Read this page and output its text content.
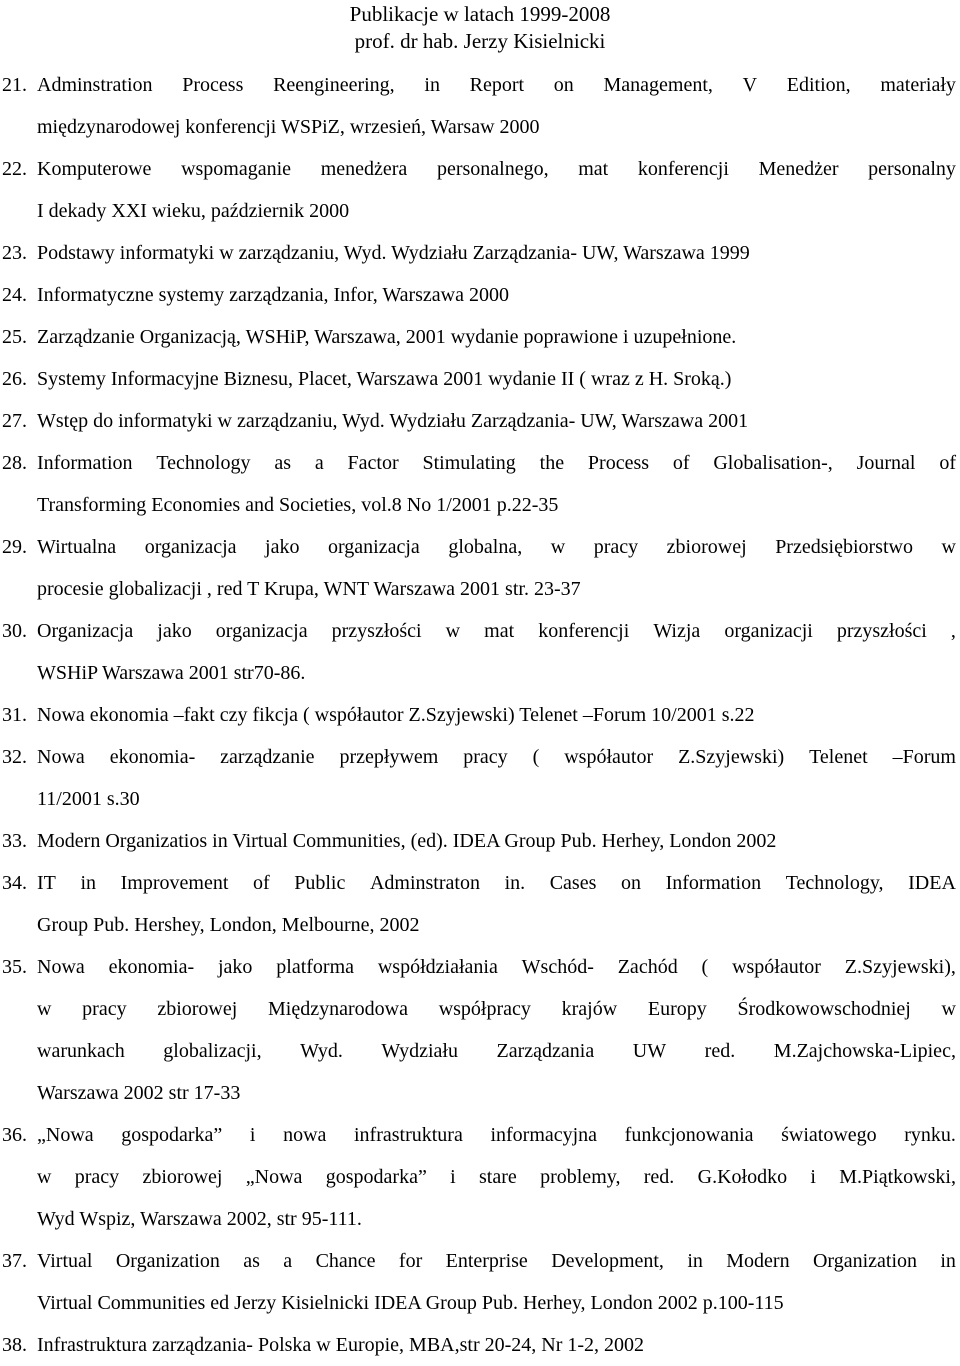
Publikacje w latach 1999-2008
prof. dr hab. Jerzy Kisielnicki
21. Adminstration Process Reengineering, in Report on Management, V Edition, materiały
międzynarodowej konferencji WSPiZ, wrzesień, Warsaw 2000
22. Komputerowe wspomaganie menedżera personalnego, mat konferencji Menedżer personalny
I dekady XXI wieku, październik 2000
23. Podstawy informatyki w zarządzaniu, Wyd. Wydziału Zarządzania- UW, Warszawa 1999
24. Informatyczne systemy zarządzania, Infor, Warszawa 2000
25. Zarządzanie Organizacją, WSHiP, Warszawa, 2001 wydanie poprawione i uzupełnione.
26. Systemy Informacyjne Biznesu, Placet, Warszawa 2001 wydanie II ( wraz z H. Sroką.)
27. Wstęp do informatyki w zarządzaniu, Wyd. Wydziału Zarządzania- UW, Warszawa 2001
28. Information Technology as a Factor Stimulating the Process of Globalisation-, Journal of
Transforming Economies and Societies, vol.8 No 1/2001 p.22-35
29. Wirtualna organizacja jako organizacja globalna, w pracy zbiorowej Przedsiębiorstwo w
procesie globalizacji , red T Krupa, WNT Warszawa 2001 str. 23-37
30. Organizacja jako organizacja przyszłości w mat konferencji Wizja organizacji przyszłości ,
WSHiP Warszawa 2001 str70-86.
31. Nowa ekonomia –fakt czy fikcja ( współautor Z.Szyjewski) Telenet –Forum 10/2001 s.22
32. Nowa ekonomia- zarządzanie przepływem pracy ( współautor Z.Szyjewski) Telenet –Forum
11/2001 s.30
33. Modern Organizatios in Virtual Communities, (ed). IDEA Group Pub. Herhey, London 2002
34. IT in Improvement of Public Adminstraton in. Cases on Information Technology, IDEA
Group Pub. Hershey, London, Melbourne, 2002
35. Nowa ekonomia- jako platforma współdziałania Wschód- Zachód ( współautor Z.Szyjewski),
w pracy zbiorowej Międzynarodowa współpracy krajów Europy Środkowowschodniej w
warunkach globalizacji, Wyd. Wydziału Zarządzania UW red. M.Zajchowska-Lipiec,
Warszawa 2002 str 17-33
36. „Nowa gospodarka” i nowa infrastruktura informacyjna funkcjonowania światowego rynku.
w pracy zbiorowej „Nowa gospodarka” i stare problemy, red. G.Kołodko i M.Piątkowski,
Wyd Wspiz, Warszawa 2002, str 95-111.
37. Virtual Organization as a Chance for Enterprise Development, in Modern Organization in
Virtual Communities ed Jerzy Kisielnicki IDEA Group Pub. Herhey, London 2002 p.100-115
38. Infrastruktura zarządzania- Polska w Europie, MBA,str 20-24, Nr 1-2, 2002
